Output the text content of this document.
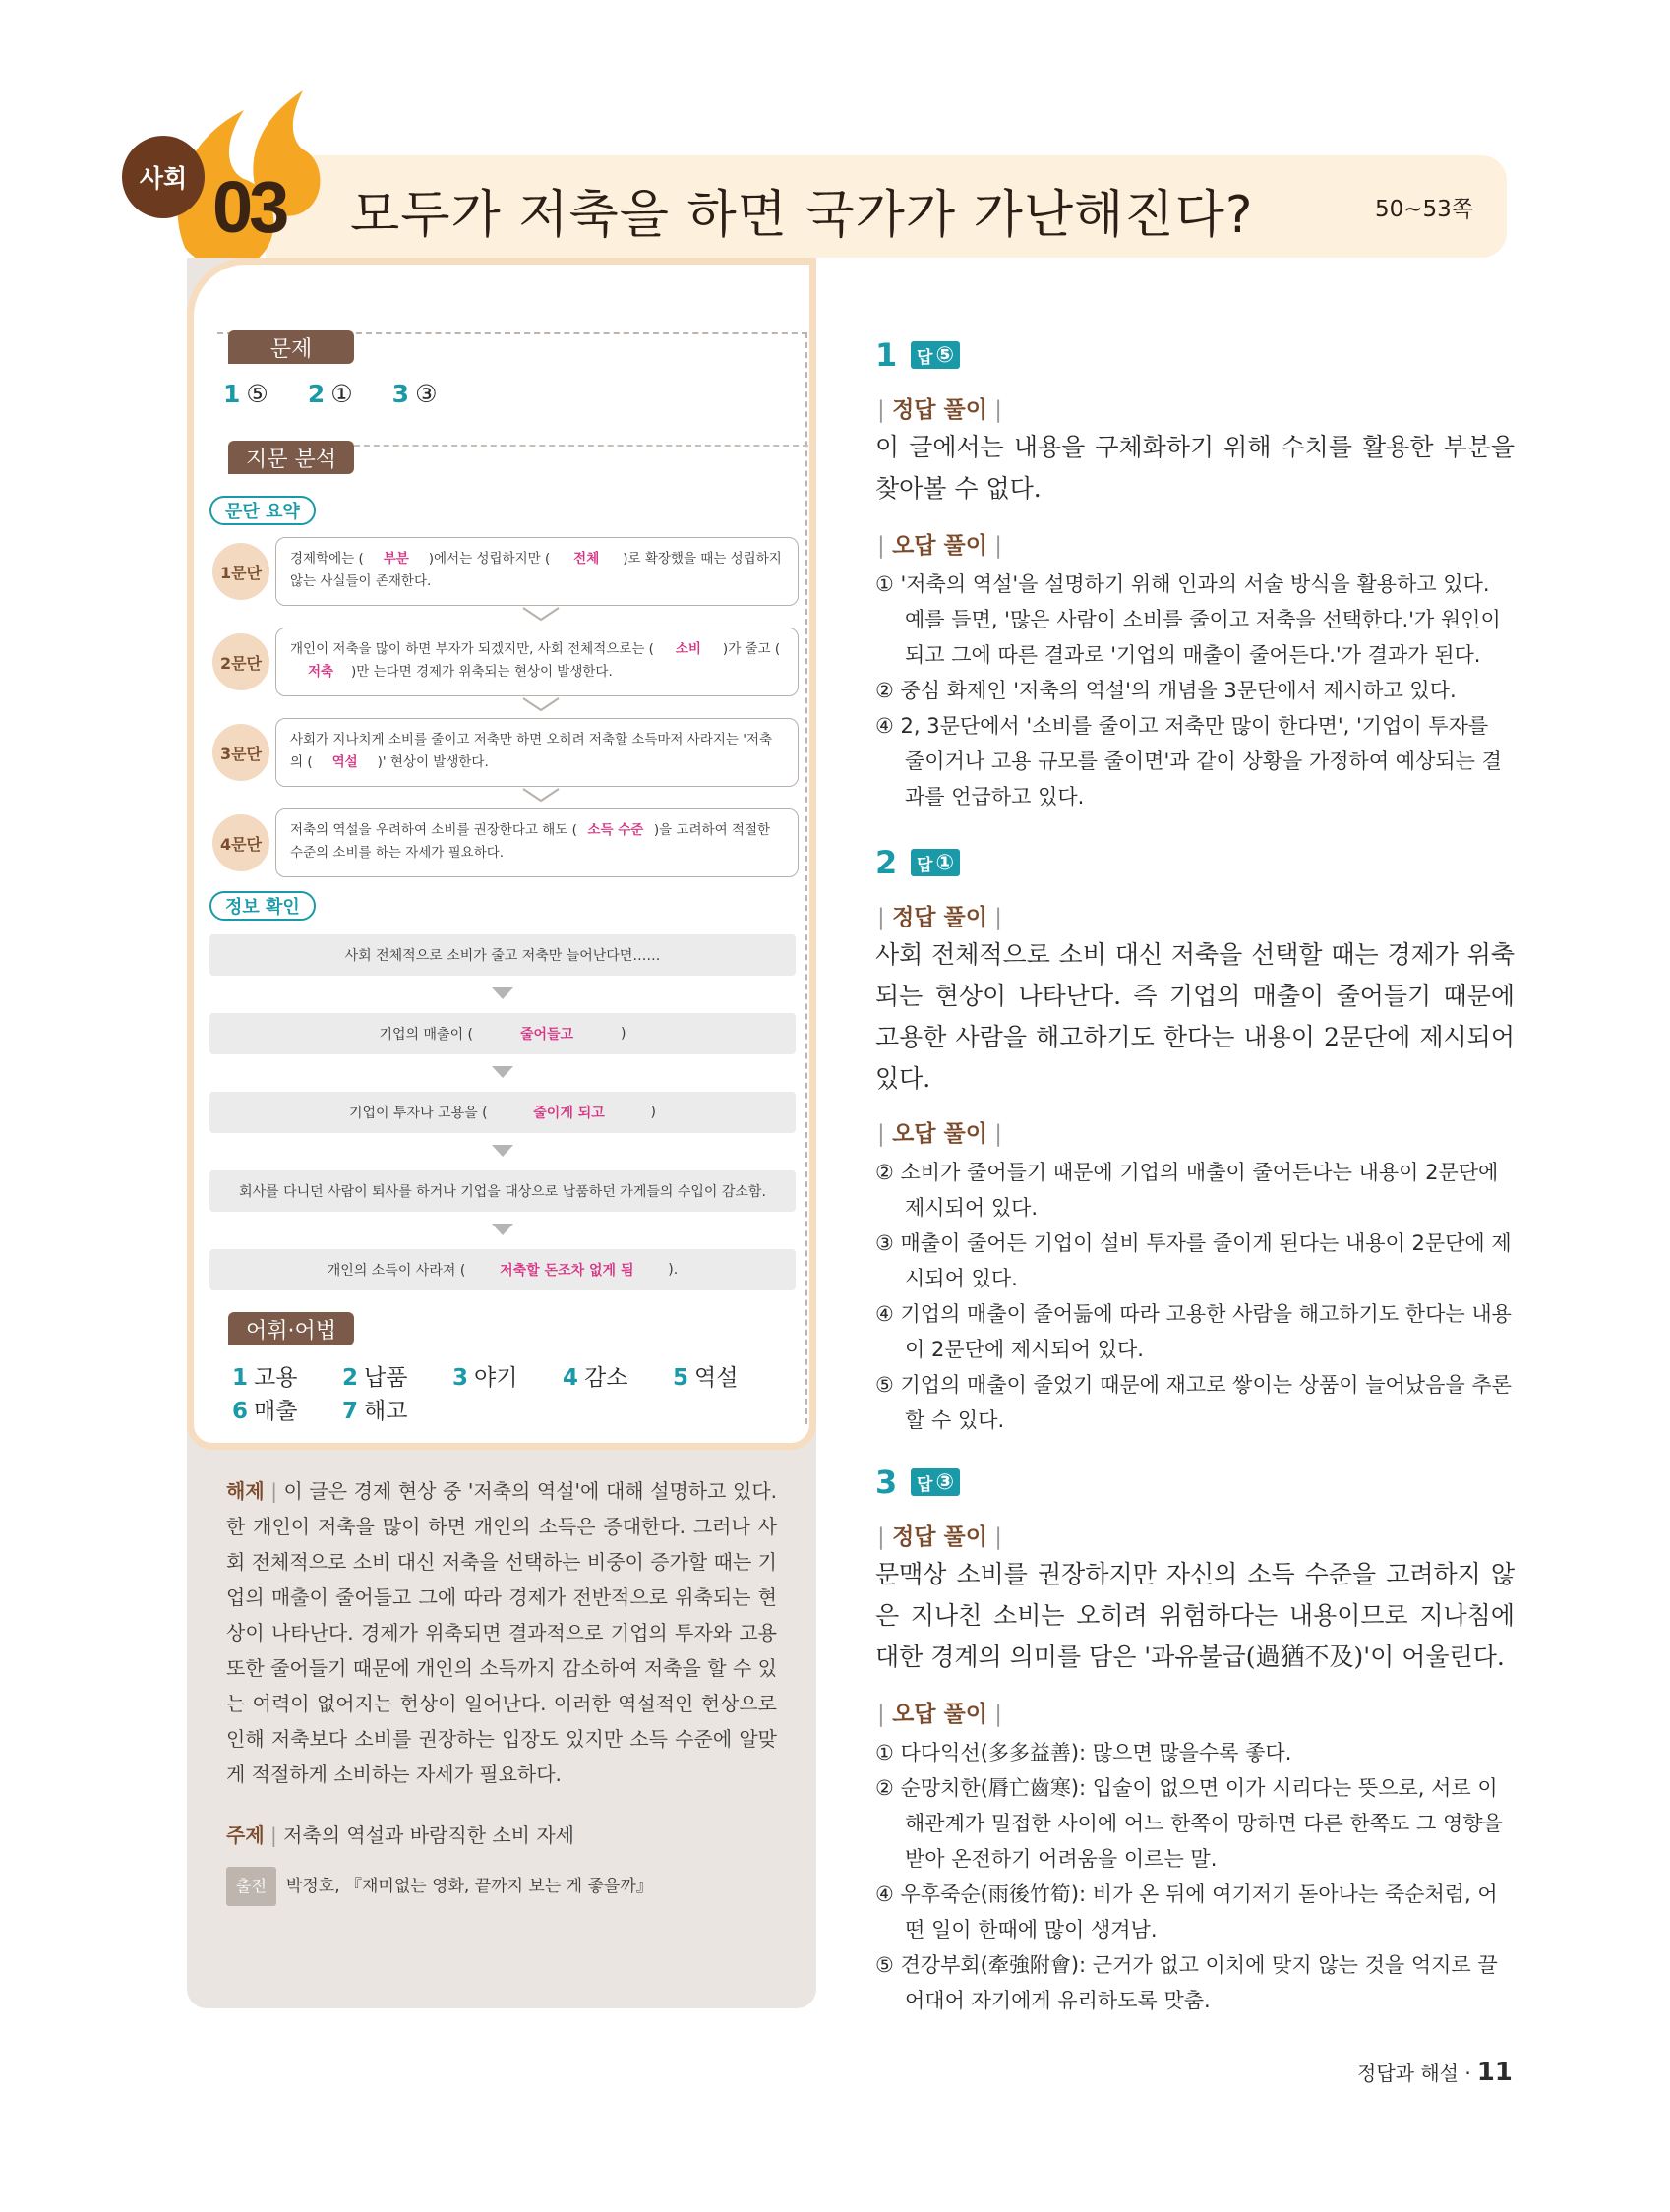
사회 03	모두가 저축을 하면 국가가 가난해진다?	50~53쪽
문제
1 ⑤ 2 ① 3 ③
지문 분석
문단 요약
1문단
경제학에는 ( 부분 )에서는 성립하지만 ( 전체 )로 확장했을 때는 성립하지 않는 사실들이 존재한다.
2문단
개인이 저축을 많이 하면 부자가 되겠지만, 사회 전체적으로는 ( 소비 )가 줄고 (저축 )만 는다면 경제가 위축되는 현상이 발생한다.
3문단
사회가 지나치게 소비를 줄이고 저축만 하면 오히려 저축할 소득마저 사라지는 '저축의 ( 역설 )' 현상이 발생한다.
4문단
저축의 역설을 우려하여 소비를 권장한다고 해도 ( 소득 수준 )을 고려하여 적절한 수준의 소비를 하는 자세가 필요하다.
정보 확인
사회 전체적으로 소비가 줄고 저축만 늘어난다면……
기업의 매출이 (	줄어들고	)
기업이 투자나 고용을 (	줄이게 되고	)
회사를 다니던 사람이 퇴사를 하거나 기업을 대상으로 납품하던 가게들의 수입이 감소함.
개인의 소득이 사라져 (	저축할 돈조차 없게 됨	).
어휘·어법
1 고용	2 납품	3 야기	4 감소	5 역설
6 매출	7 해고
해제 | 이 글은 경제 현상 중 '저축의 역설'에 대해 설명하고 있다. 한 개인이 저축을 많이 하면 개인의 소득은 증대한다. 그러나 사회 전체적으로 소비 대신 저축을 선택하는 비중이 증가할 때는 기업의 매출이 줄어들고 그에 따라 경제가 전반적으로 위축되는 현상이 나타난다. 경제가 위축되면 결과적으로 기업의 투자와 고용 또한 줄어들기 때문에 개인의 소득까지 감소하여 저축을 할 수 있는 여력이 없어지는 현상이 일어난다. 이러한 역설적인 현상으로 인해 저축보다 소비를 권장하는 입장도 있지만 소득 수준에 알맞게 적절하게 소비하는 자세가 필요하다.
주제 | 저축의 역설과 바람직한 소비 자세
출전 박정호, 『재미없는 영화, 끝까지 보는 게 좋을까』
1	답 ⑤
| 정답 풀이 |
이 글에서는 내용을 구체화하기 위해 수치를 활용한 부분을 찾아볼 수 없다.
| 오답 풀이 |
① '저축의 역설'을 설명하기 위해 인과의 서술 방식을 활용하고 있다. 예를 들면, '많은 사람이 소비를 줄이고 저축을 선택한다.'가 원인이 되고 그에 따른 결과로 '기업의 매출이 줄어든다.'가 결과가 된다.
② 중심 화제인 '저축의 역설'의 개념을 3문단에서 제시하고 있다.
④ 2, 3문단에서 '소비를 줄이고 저축만 많이 한다면', '기업이 투자를 줄이거나 고용 규모를 줄이면'과 같이 상황을 가정하여 예상되는 결과를 언급하고 있다.
2	답 ①
| 정답 풀이 |
사회 전체적으로 소비 대신 저축을 선택할 때는 경제가 위축되는 현상이 나타난다. 즉 기업의 매출이 줄어들기 때문에 고용한 사람을 해고하기도 한다는 내용이 2문단에 제시되어 있다.
| 오답 풀이 |
② 소비가 줄어들기 때문에 기업의 매출이 줄어든다는 내용이 2문단에 제시되어 있다.
③ 매출이 줄어든 기업이 설비 투자를 줄이게 된다는 내용이 2문단에 제시되어 있다.
④ 기업의 매출이 줄어듦에 따라 고용한 사람을 해고하기도 한다는 내용이 2문단에 제시되어 있다.
⑤ 기업의 매출이 줄었기 때문에 재고로 쌓이는 상품이 늘어났음을 추론할 수 있다.
3	답 ③
| 정답 풀이 |
문맥상 소비를 권장하지만 자신의 소득 수준을 고려하지 않은 지나친 소비는 오히려 위험하다는 내용이므로 지나침에 대한 경계의 의미를 담은 '과유불급(過猶不及)'이 어울린다.
| 오답 풀이 |
① 다다익선(多多益善): 많으면 많을수록 좋다.
② 순망치한(脣亡齒寒): 입술이 없으면 이가 시리다는 뜻으로, 서로 이해관계가 밀접한 사이에 어느 한쪽이 망하면 다른 한쪽도 그 영향을 받아 온전하기 어려움을 이르는 말.
④ 우후죽순(雨後竹筍): 비가 온 뒤에 여기저기 돋아나는 죽순처럼, 어떤 일이 한때에 많이 생겨남.
⑤ 견강부회(牽強附會): 근거가 없고 이치에 맞지 않는 것을 억지로 끌어대어 자기에게 유리하도록 맞춤.
정답과 해설 · 11
